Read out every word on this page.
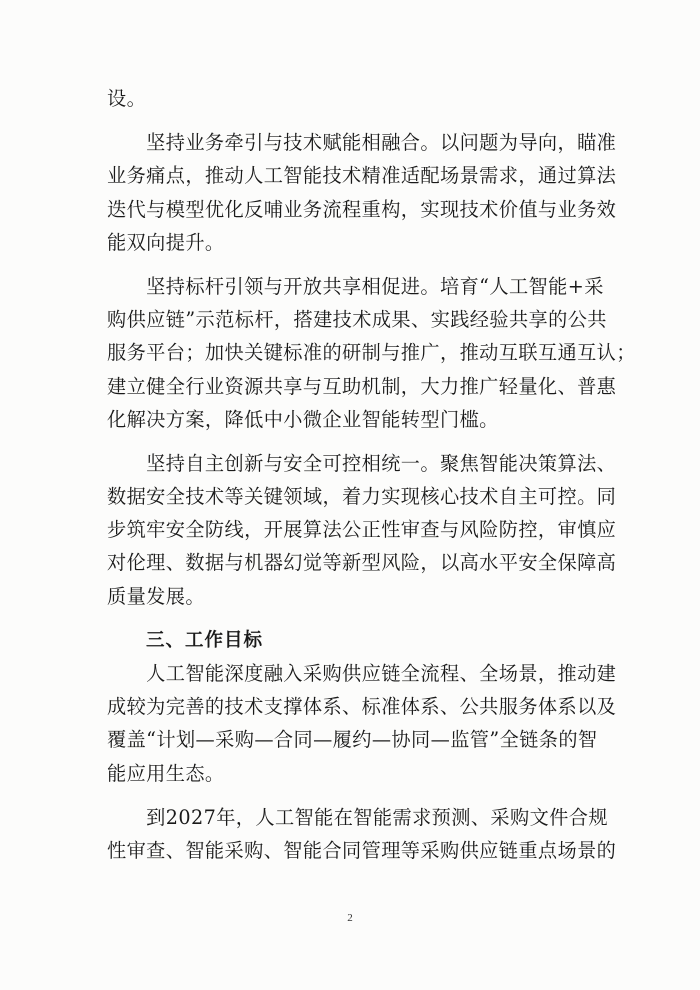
设。
　　坚持业务牵引与技术赋能相融合。以问题为导向，瞄准
业务痛点，推动人工智能技术精准适配场景需求，通过算法
迭代与模型优化反哺业务流程重构，实现技术价值与业务效
能双向提升。
　　坚持标杆引领与开放共享相促进。培育“人工智能+采
购供应链”示范标杆，搭建技术成果、实践经验共享的公共
服务平台；加快关键标准的研制与推广，推动互联互通互认；
建立健全行业资源共享与互助机制，大力推广轻量化、普惠
化解决方案，降低中小微企业智能转型门槛。
　　坚持自主创新与安全可控相统一。聚焦智能决策算法、
数据安全技术等关键领域，着力实现核心技术自主可控。同
步筑牢安全防线，开展算法公正性审查与风险防控，审慎应
对伦理、数据与机器幻觉等新型风险，以高水平安全保障高
质量发展。
　　三、工作目标
　　人工智能深度融入采购供应链全流程、全场景，推动建
成较为完善的技术支撑体系、标准体系、公共服务体系以及
覆盖“计划—采购—合同—履约—协同—监管”全链条的智
能应用生态。
　　到2027年，人工智能在智能需求预测、采购文件合规
性审查、智能采购、智能合同管理等采购供应链重点场景的
2
